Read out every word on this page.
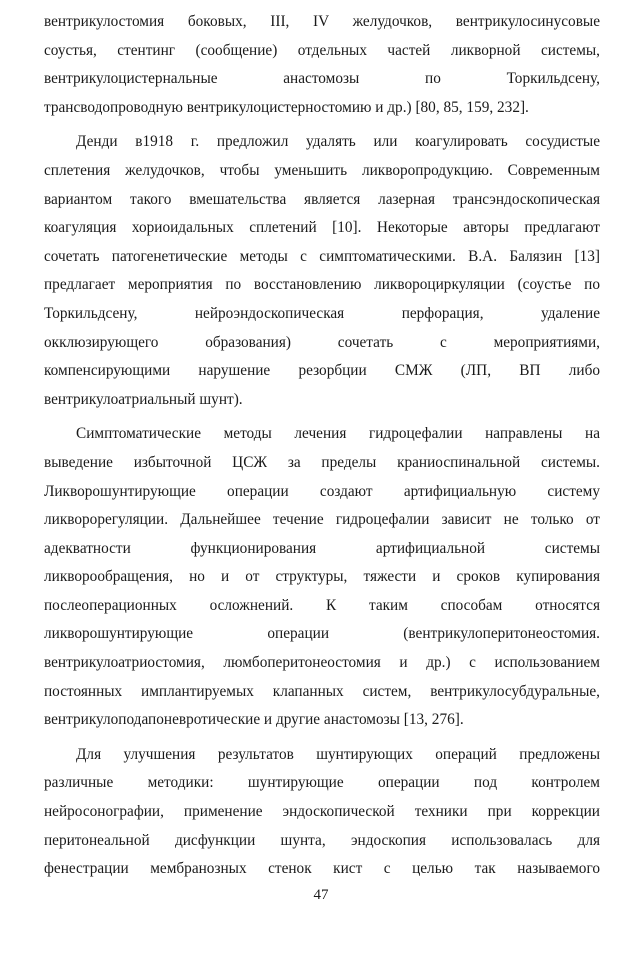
вентрикулостомия боковых, III, IV желудочков, вентрикулосинусовые
соустья, стентинг (сообщение) отдельных частей ликворной системы,
вентрикулоцистернальные анастомозы по Торкильдсену,
трансводопроводную вентрикулоцистерностомию и др.) [80, 85, 159, 232].
Денди в1918 г. предложил удалять или коагулировать сосудистые
сплетения желудочков, чтобы уменьшить ликворопродукцию. Современным
вариантом такого вмешательства является лазерная трансэндоскопическая
коагуляция хориоидальных сплетений [10]. Некоторые авторы предлагают
сочетать патогенетические методы с симптоматическими. В.А. Балязин [13]
предлагает мероприятия по восстановлению ликвороциркуляции (соустье по
Торкильдсену, нейроэндоскопическая перфорация, удаление
окклюзирующего образования) сочетать с мероприятиями,
компенсирующими нарушение резорбции СМЖ (ЛП, ВП либо
вентрикулоатриальный шунт).
Симптоматические методы лечения гидроцефалии направлены на
выведение избыточной ЦСЖ за пределы краниоспинальной системы.
Ликворошунтирующие операции создают артифициальную систему
ликворорегуляции. Дальнейшее течение гидроцефалии зависит не только от
адекватности функционирования артифициальной системы
ликворообращения, но и от структуры, тяжести и сроков купирования
послеоперационных осложнений. К таким способам относятся
ликворошунтирующие операции (вентрикулоперитонеостомия.
вентрикулоатриостомия, люмбоперитонеостомия и др.) с использованием
постоянных имплантируемых клапанных систем, вентрикулосубдуральные,
вентрикулоподапоневротические и другие анастомозы [13, 276].
Для улучшения результатов шунтирующих операций предложены
различные методики: шунтирующие операции под контролем
нейросонографии, применение эндоскопической техники при коррекции
перитонеальной дисфункции шунта, эндоскопия использовалась для
фенестрации мембранозных стенок кист с целью так называемого
47
